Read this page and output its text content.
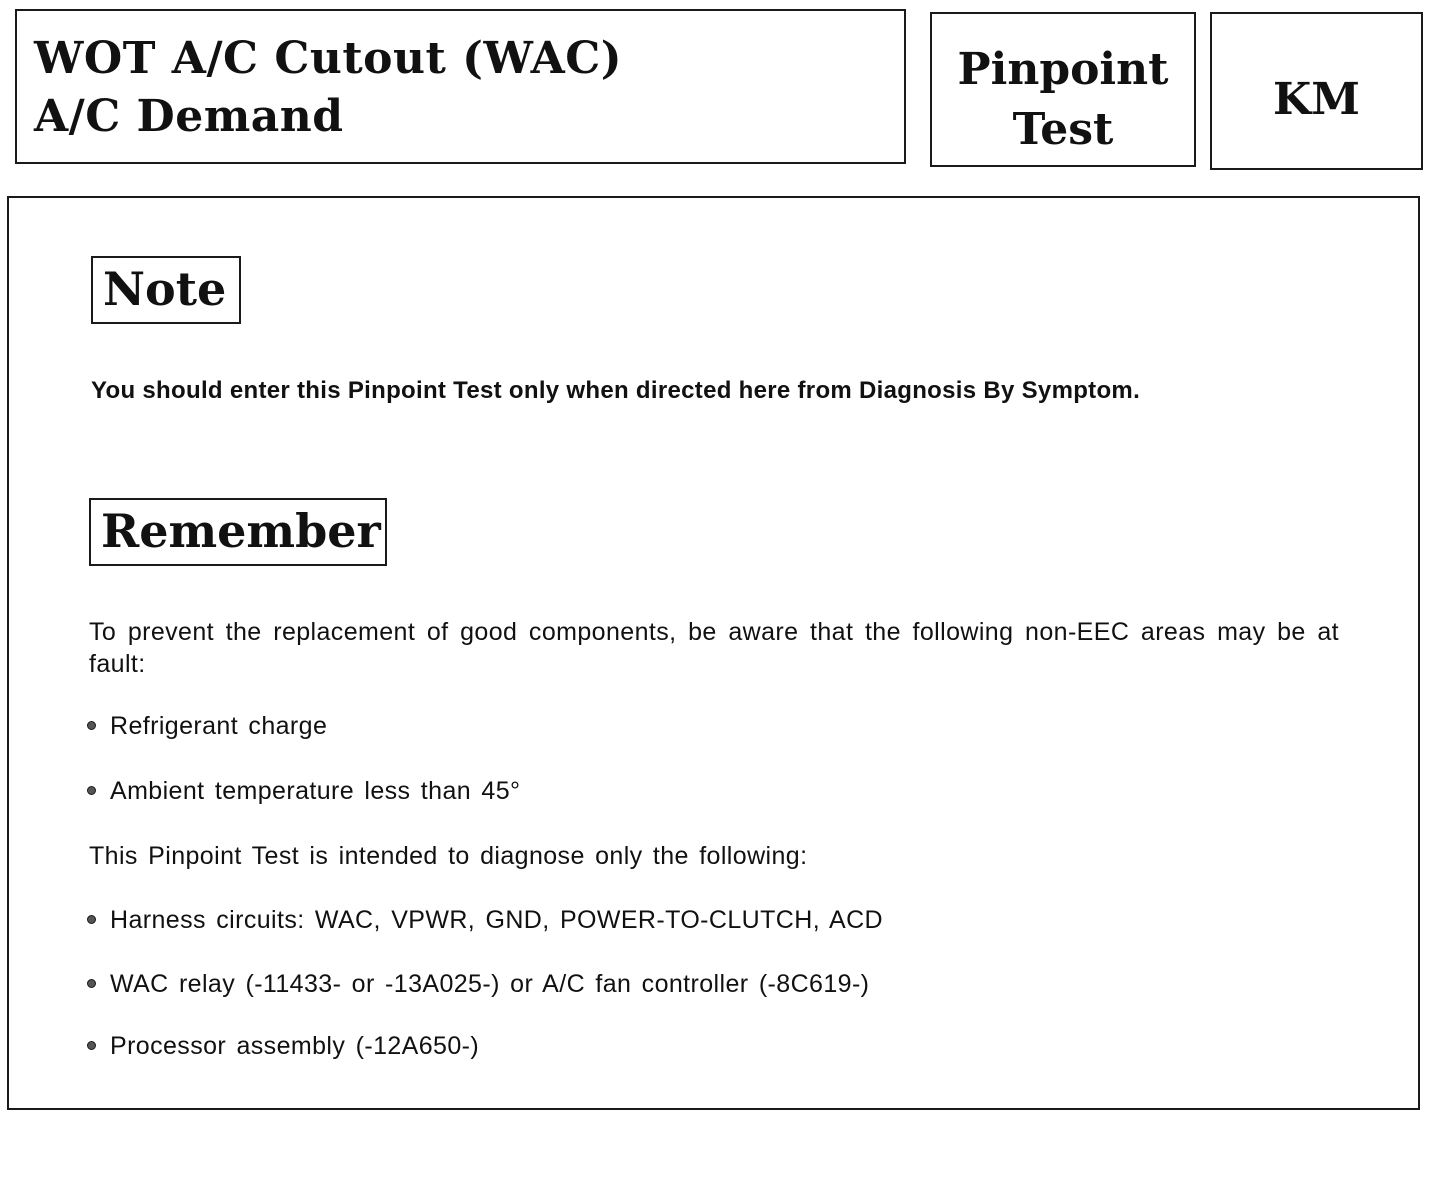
WOT A/C Cutout (WAC)
A/C Demand
Pinpoint
Test
KM
Note
You should enter this Pinpoint Test only when directed here from Diagnosis By Symptom.
Remember
To prevent the replacement of good components, be aware that the following non-EEC areas may be at fault:
Refrigerant charge
Ambient temperature less than 45°
This Pinpoint Test is intended to diagnose only the following:
Harness circuits: WAC, VPWR, GND, POWER-TO-CLUTCH, ACD
WAC relay (-11433- or -13A025-) or A/C fan controller (-8C619-)
Processor assembly (-12A650-)
